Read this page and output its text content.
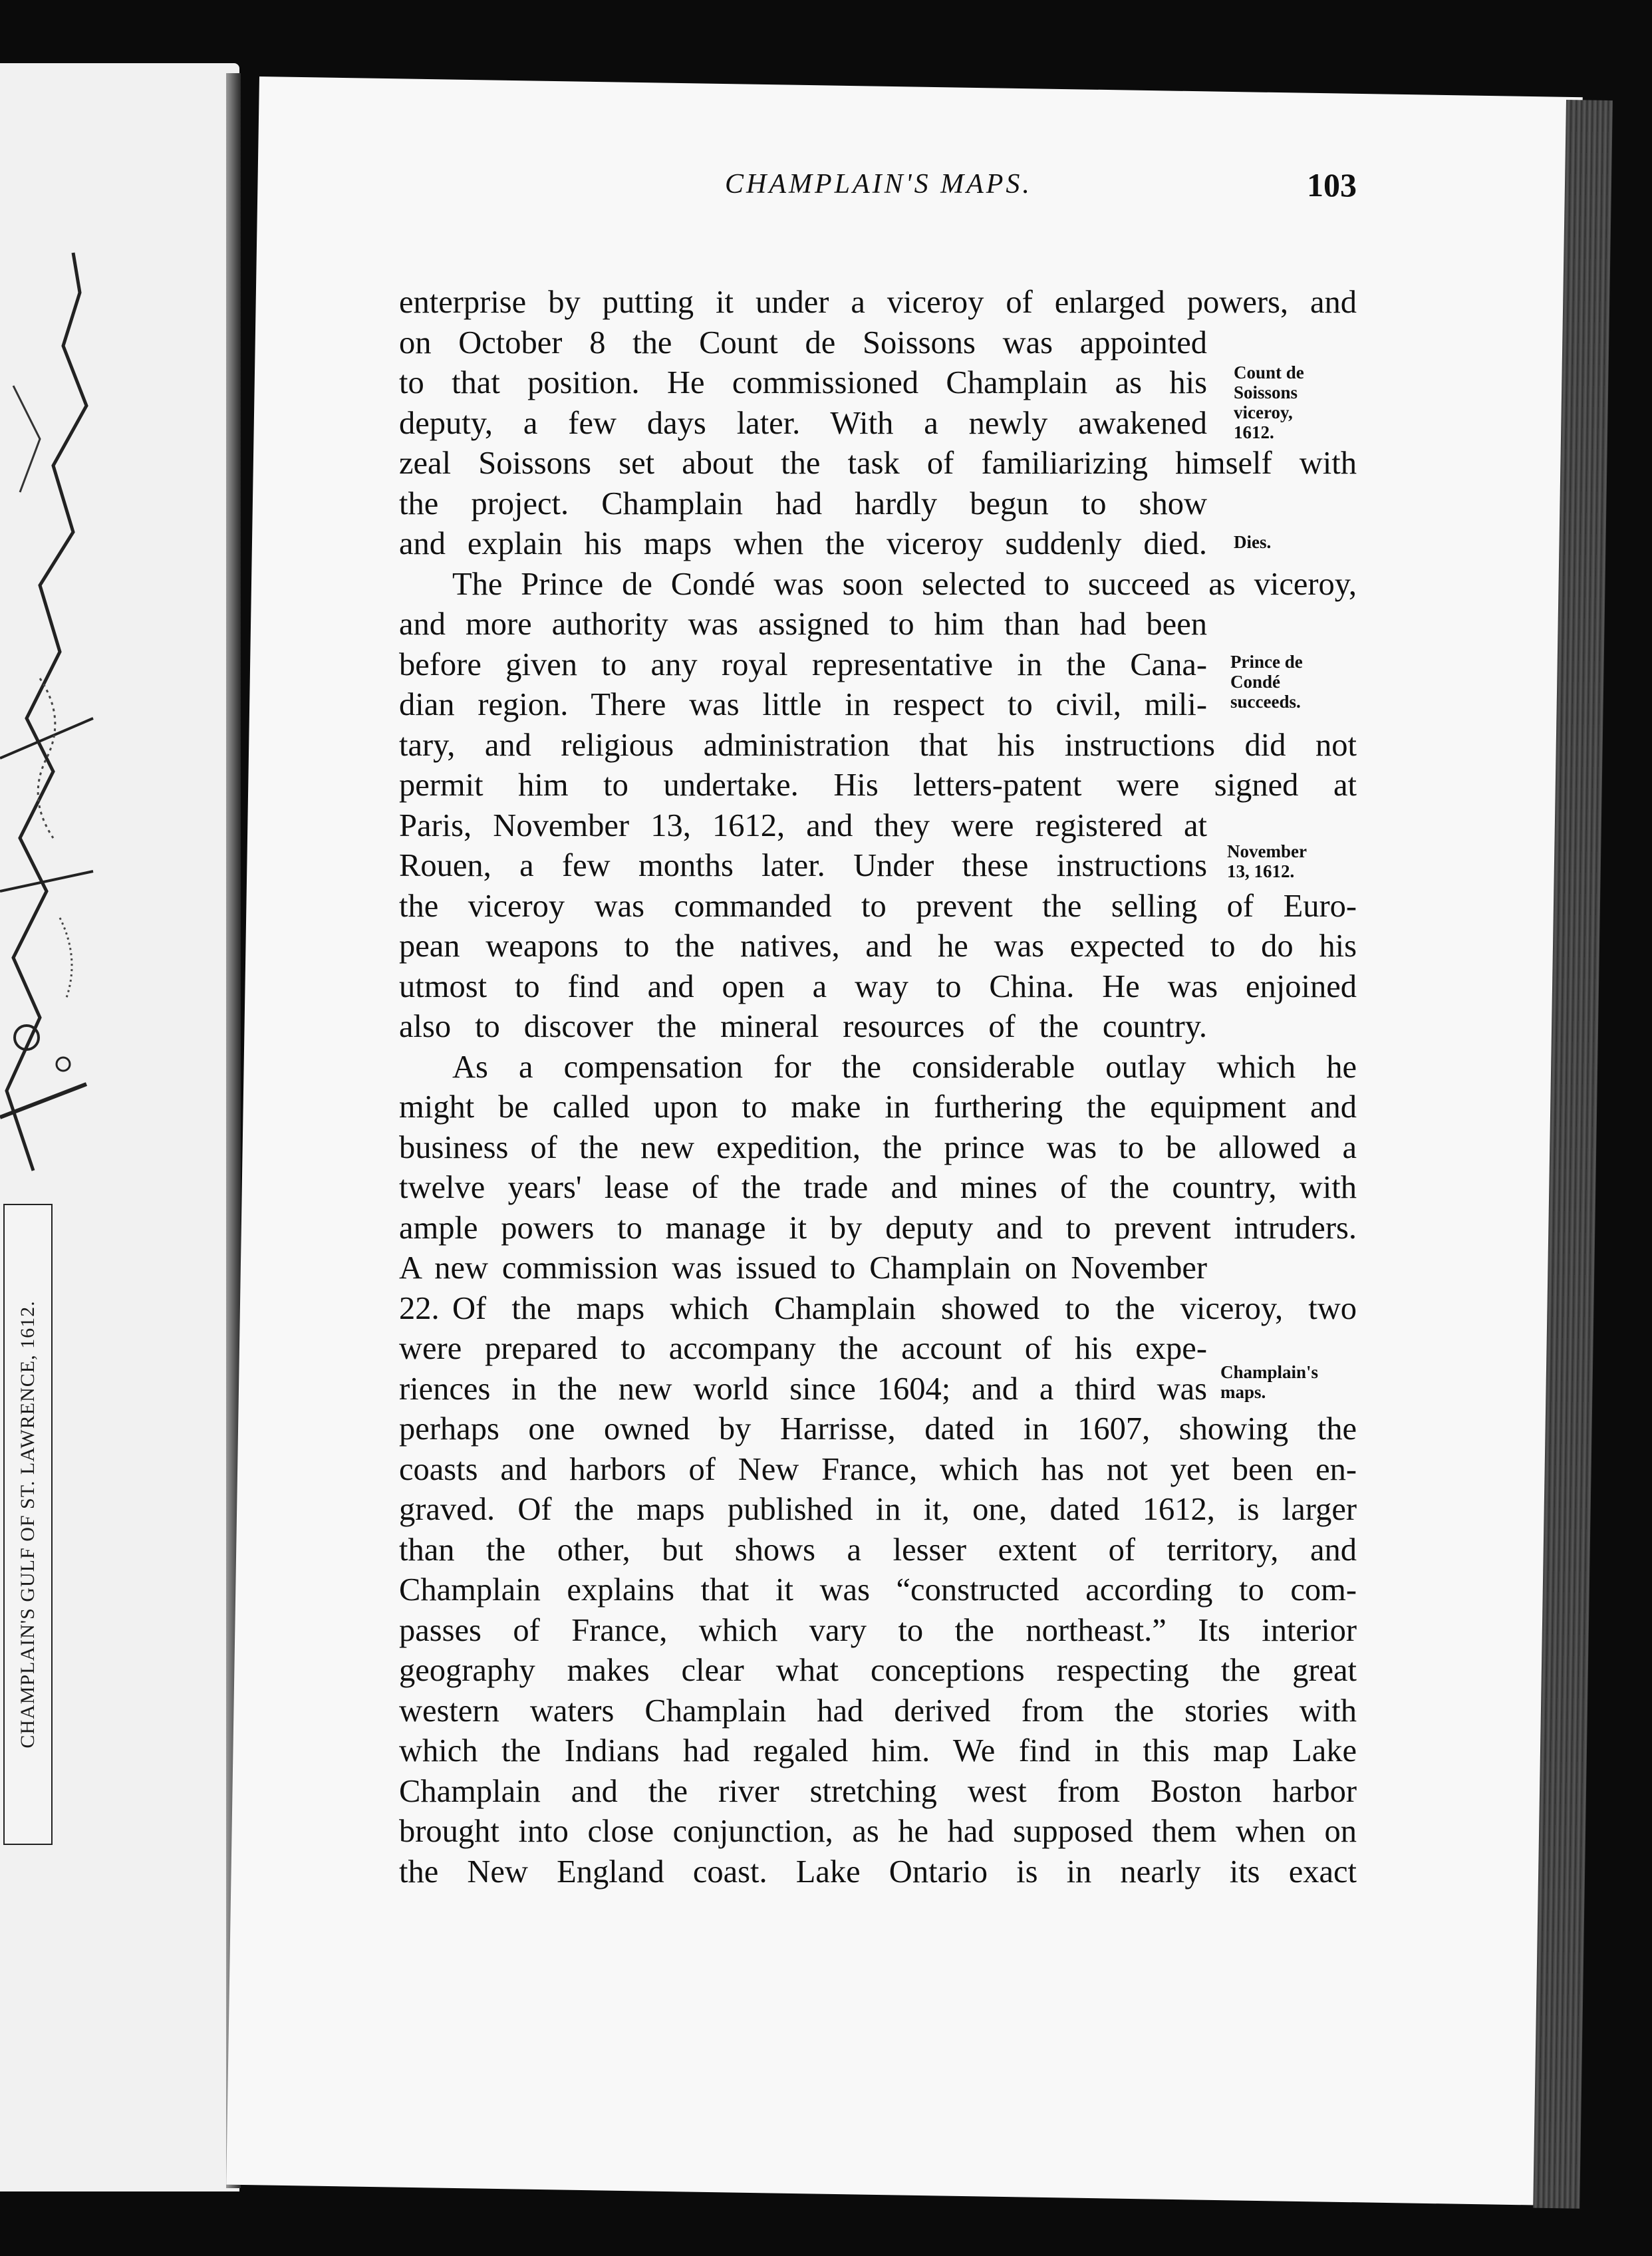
CHAMPLAIN'S GULF OF ST. LAWRENCE, 1612.
CHAMPLAIN'S MAPS.	103
enterprise by putting it under a viceroy of enlarged powers, and
on October 8 the Count de Soissons was appointed
to that position. He commissioned Champlain as his
deputy, a few days later. With a newly awakened
zeal Soissons set about the task of familiarizing himself with
the project. Champlain had hardly begun to show
and explain his maps when the viceroy suddenly died.
The Prince de Condé was soon selected to succeed as viceroy,
and more authority was assigned to him than had been
before given to any royal representative in the Cana-
dian region. There was little in respect to civil, mili-
tary, and religious administration that his instructions did not
permit him to undertake. His letters-patent were signed at
Paris, November 13, 1612, and they were registered at
Rouen, a few months later. Under these instructions
the viceroy was commanded to prevent the selling of Euro-
pean weapons to the natives, and he was expected to do his
utmost to find and open a way to China. He was enjoined
also to discover the mineral resources of the country.
As a compensation for the considerable outlay which he
might be called upon to make in furthering the equipment and
business of the new expedition, the prince was to be allowed a
twelve years' lease of the trade and mines of the country, with
ample powers to manage it by deputy and to prevent intruders.
A new commission was issued to Champlain on November 22. Of the maps which Champlain showed to the viceroy, two
were prepared to accompany the account of his expe-
riences in the new world since 1604; and a third was
perhaps one owned by Harrisse, dated in 1607, showing the
coasts and harbors of New France, which has not yet been en-
graved. Of the maps published in it, one, dated 1612, is larger
than the other, but shows a lesser extent of territory, and
Champlain explains that it was “constructed according to com-
passes of France, which vary to the northeast.” Its interior
geography makes clear what conceptions respecting the great
western waters Champlain had derived from the stories with
which the Indians had regaled him. We find in this map Lake
Champlain and the river stretching west from Boston harbor
brought into close conjunction, as he had supposed them when on
the New England coast. Lake Ontario is in nearly its exact
Count de
Soissons
viceroy,
1612.
Dies.
Prince de
Condé
succeeds.
November
13, 1612.
Champlain's
maps.
